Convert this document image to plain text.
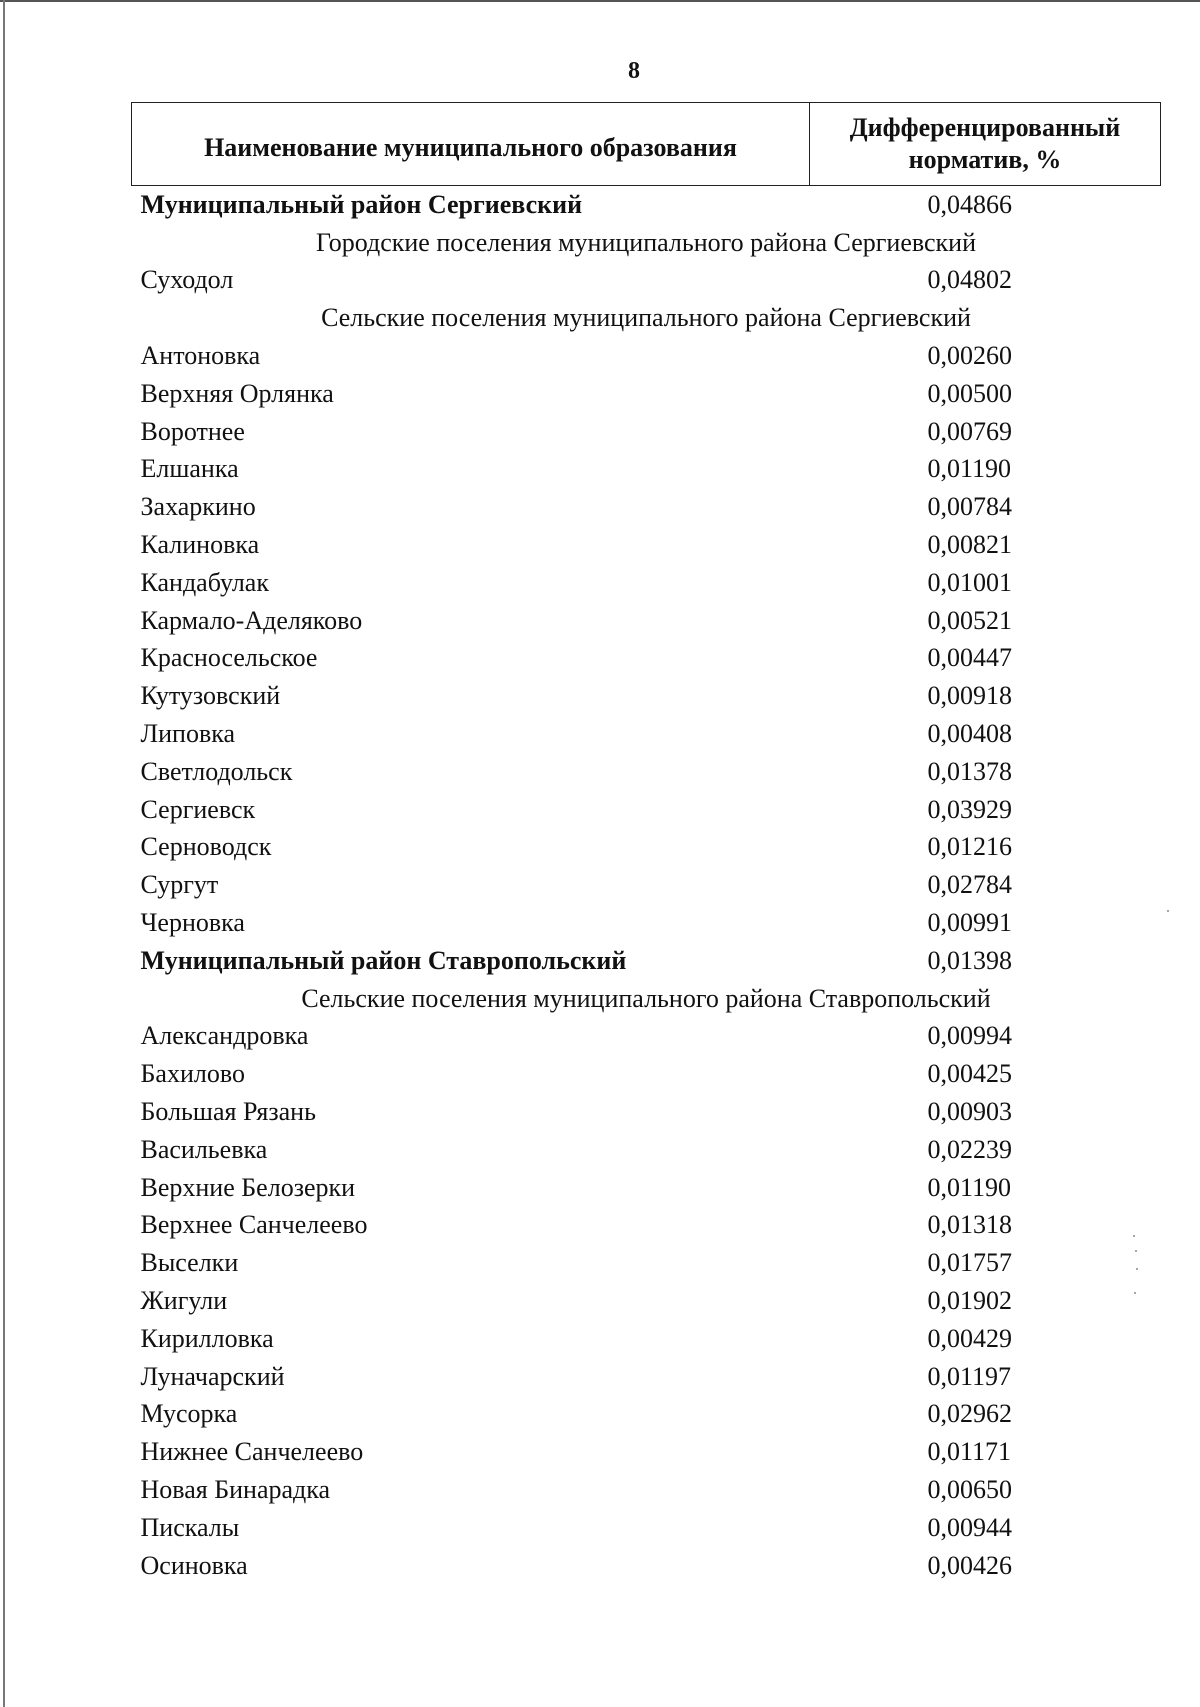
8
Наименование муниципального образования	Дифференцированный норматив, %
Муниципальный район Сергиевский	0,04866
Городские поселения муниципального района Сергиевский	
Суходол	0,04802
Сельские поселения муниципального района Сергиевский	
Антоновка	0,00260
Верхняя Орлянка	0,00500
Воротнее	0,00769
Елшанка	0,01190
Захаркино	0,00784
Калиновка	0,00821
Кандабулак	0,01001
Кармало-Аделяково	0,00521
Красносельское	0,00447
Кутузовский	0,00918
Липовка	0,00408
Светлодольск	0,01378
Сергиевск	0,03929
Серноводск	0,01216
Сургут	0,02784
Черновка	0,00991
Муниципальный район Ставропольский	0,01398
Сельские поселения муниципального района Ставропольский	
Александровка	0,00994
Бахилово	0,00425
Большая Рязань	0,00903
Васильевка	0,02239
Верхние Белозерки	0,01190
Верхнее Санчелеево	0,01318
Выселки	0,01757
Жигули	0,01902
Кирилловка	0,00429
Луначарский	0,01197
Мусорка	0,02962
Нижнее Санчелеево	0,01171
Новая Бинарадка	0,00650
Пискалы	0,00944
Осиновка	0,00426
